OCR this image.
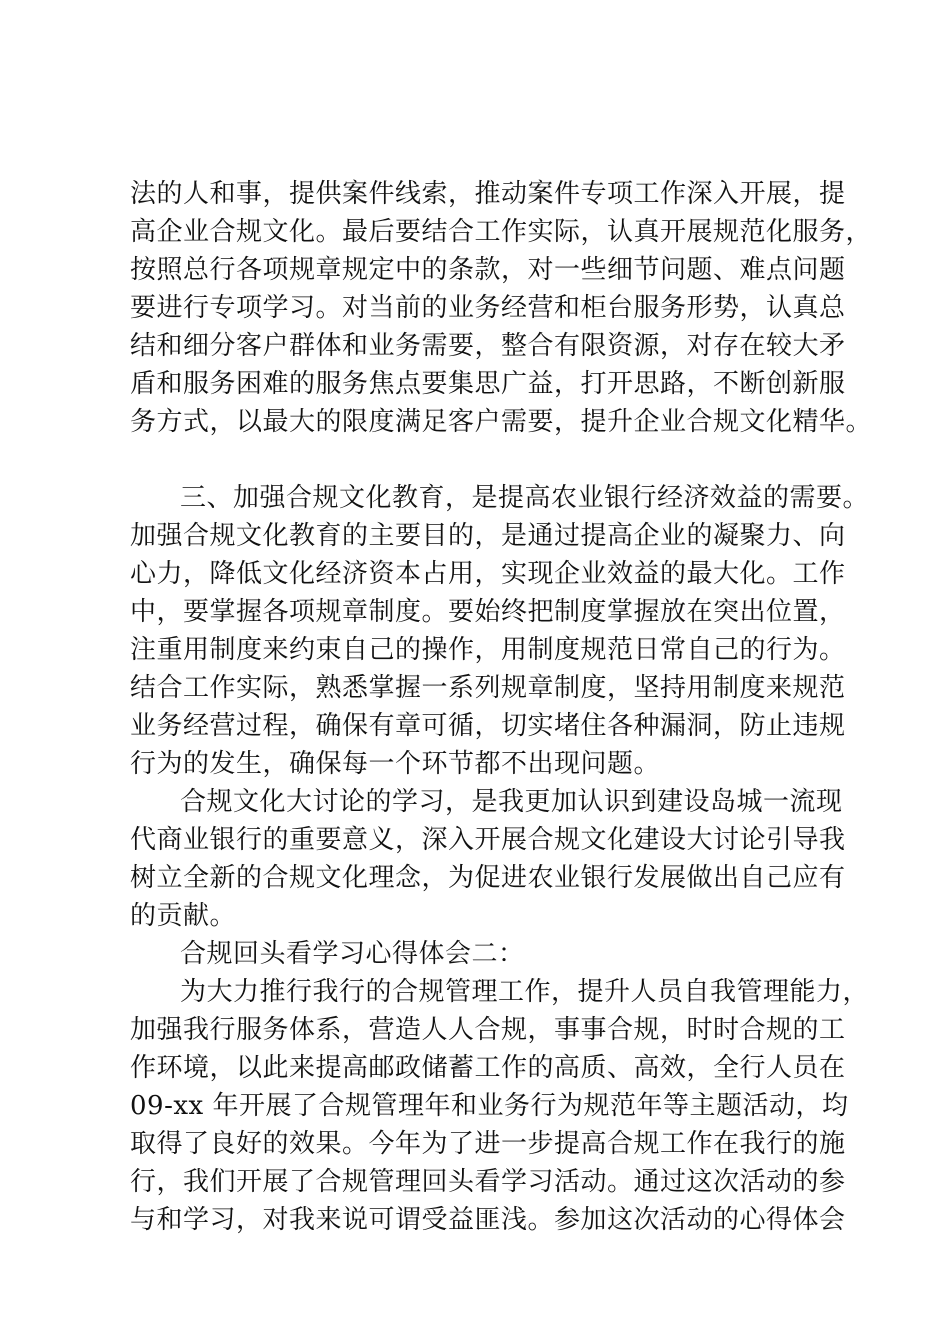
法的人和事，提供案件线索，推动案件专项工作深入开展，提
高企业合规文化。最后要结合工作实际，认真开展规范化服务，
按照总行各项规章规定中的条款，对一些细节问题、难点问题
要进行专项学习。对当前的业务经营和柜台服务形势，认真总
结和细分客户群体和业务需要，整合有限资源，对存在较大矛
盾和服务困难的服务焦点要集思广益，打开思路，不断创新服
务方式，以最大的限度满足客户需要，提升企业合规文化精华。
三、加强合规文化教育，是提高农业银行经济效益的需要。
加强合规文化教育的主要目的，是通过提高企业的凝聚力、向
心力，降低文化经济资本占用，实现企业效益的最大化。工作
中，要掌握各项规章制度。要始终把制度掌握放在突出位置，
注重用制度来约束自己的操作，用制度规范日常自己的行为。
结合工作实际，熟悉掌握一系列规章制度，坚持用制度来规范
业务经营过程，确保有章可循，切实堵住各种漏洞，防止违规
行为的发生，确保每一个环节都不出现问题。
合规文化大讨论的学习，是我更加认识到建设岛城一流现
代商业银行的重要意义，深入开展合规文化建设大讨论引导我
树立全新的合规文化理念，为促进农业银行发展做出自己应有
的贡献。
合规回头看学习心得体会二：
为大力推行我行的合规管理工作，提升人员自我管理能力，
加强我行服务体系，营造人人合规，事事合规，时时合规的工
作环境，以此来提高邮政储蓄工作的高质、高效，全行人员在
09-xx 年开展了合规管理年和业务行为规范年等主题活动，均
取得了良好的效果。今年为了进一步提高合规工作在我行的施
行，我们开展了合规管理回头看学习活动。通过这次活动的参
与和学习，对我来说可谓受益匪浅。参加这次活动的心得体会
